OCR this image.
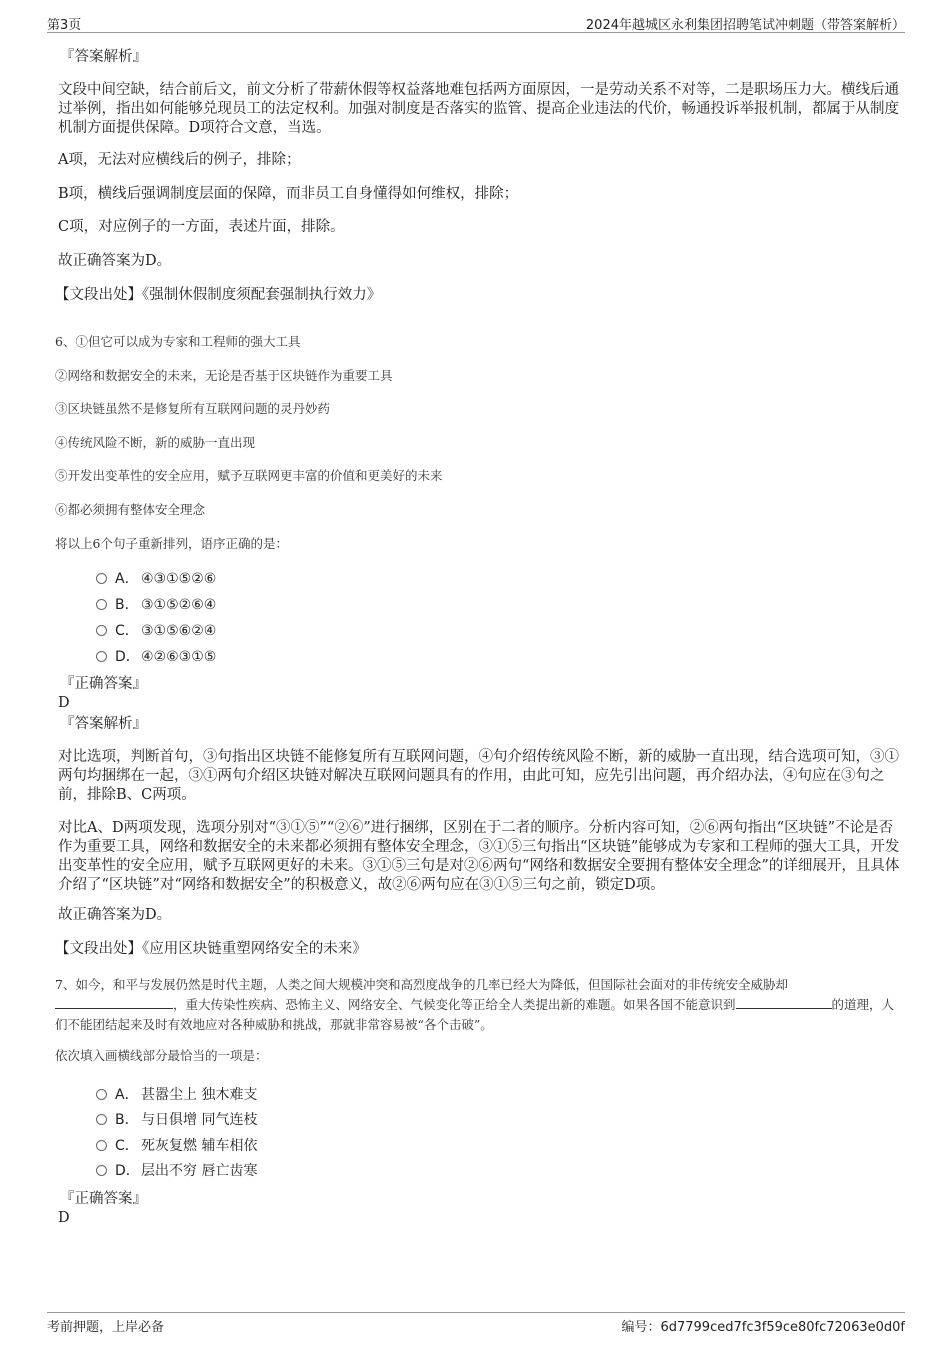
第3页	2024年越城区永利集团招聘笔试冲刺题（带答案解析）
『答案解析』
文段中间空缺，结合前后文，前文分析了带薪休假等权益落地难包括两方面原因，一是劳动关系不对等，二是职场压力大。横线后通过举例，指出如何能够兑现员工的法定权利。加强对制度是否落实的监管、提高企业违法的代价，畅通投诉举报机制，都属于从制度机制方面提供保障。D项符合文意，当选。
A项，无法对应横线后的例子，排除；
B项，横线后强调制度层面的保障，而非员工自身懂得如何维权，排除；
C项，对应例子的一方面，表述片面，排除。
故正确答案为D。
【文段出处】《强制休假制度须配套强制执行效力》
6、①但它可以成为专家和工程师的强大工具
②网络和数据安全的未来，无论是否基于区块链作为重要工具
③区块链虽然不是修复所有互联网问题的灵丹妙药
④传统风险不断，新的威胁一直出现
⑤开发出变革性的安全应用，赋予互联网更丰富的价值和更美好的未来
⑥都必须拥有整体安全理念
将以上6个句子重新排列，语序正确的是：
A． ④③①⑤②⑥
B． ③①⑤②⑥④
C． ③①⑤⑥②④
D．④②⑥③①⑤
『正确答案』
D
『答案解析』
对比选项，判断首句，③句指出区块链不能修复所有互联网问题，④句介绍传统风险不断，新的威胁一直出现，结合选项可知，③①两句均捆绑在一起，③①两句介绍区块链对解决互联网问题具有的作用，由此可知，应先引出问题，再介绍办法，④句应在③句之前，排除B、C两项。
对比A、D两项发现，选项分别对“③①⑤”“②⑥”进行捆绑，区别在于二者的顺序。分析内容可知，②⑥两句指出“区块链”不论是否作为重要工具，网络和数据安全的未来都必须拥有整体安全理念，③①⑤三句指出“区块链”能够成为专家和工程师的强大工具，开发出变革性的安全应用，赋予互联网更好的未来。③①⑤三句是对②⑥两句“网络和数据安全要拥有整体安全理念”的详细展开，且具体介绍了“区块链”对“网络和数据安全”的积极意义，故②⑥两句应在③①⑤三句之前，锁定D项。
故正确答案为D。
【文段出处】《应用区块链重塑网络安全的未来》
7、如今，和平与发展仍然是时代主题，人类之间大规模冲突和高烈度战争的几率已经大为降低，但国际社会面对的非传统安全威胁却
，重大传染性疾病、恐怖主义、网络安全、气候变化等正给全人类提出新的难题。如果各国不能意识到	的道理，人们不能团结起来及时有效地应对各种威胁和挑战，那就非常容易被“各个击破”。
依次填入画横线部分最恰当的一项是：
A． 甚嚣尘上 独木难支
B． 与日俱增 同气连枝
C． 死灰复燃 辅车相依
D．层出不穷 唇亡齿寒
『正确答案』
D
考前押题，上岸必备	编号：6d7799ced7fc3f59ce80fc72063e0d0f
